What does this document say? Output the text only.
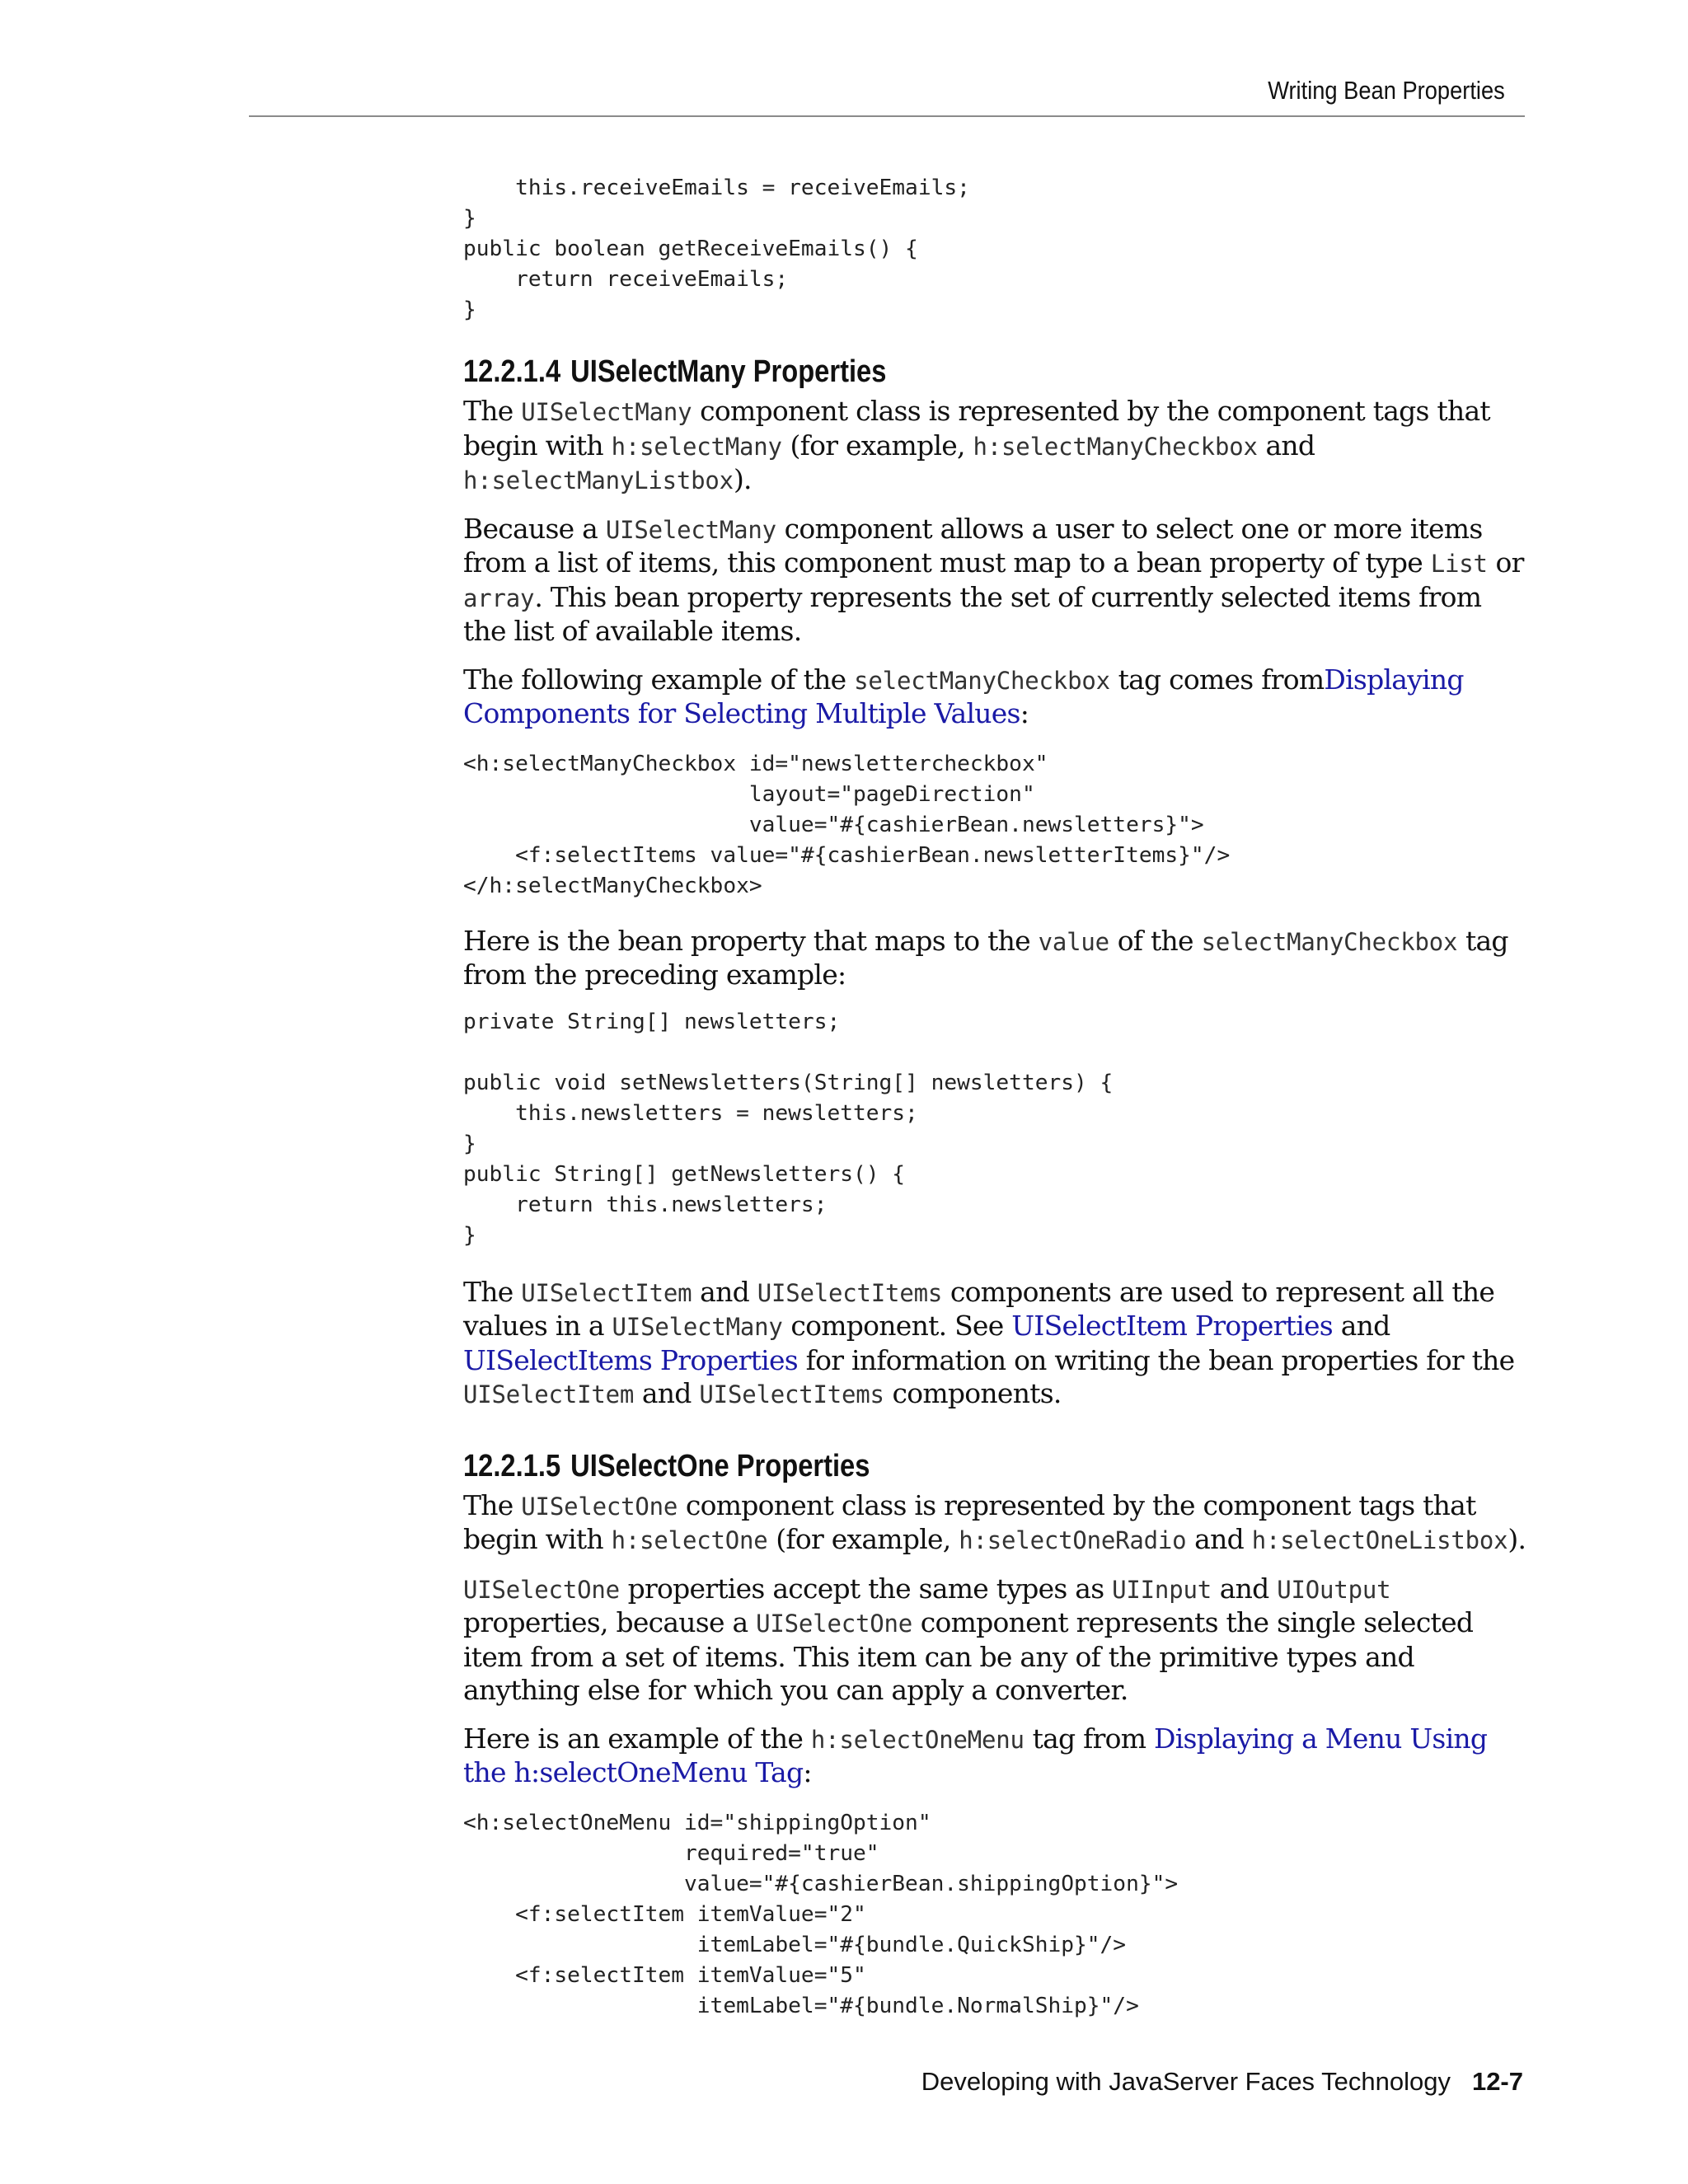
Writing Bean Properties
this.receiveEmails = receiveEmails;
}
public boolean getReceiveEmails() {
return receiveEmails;
}
12.2.1.4 UISelectMany Properties

The UISelectMany component class is represented by the component tags that begin with h:selectMany (for example, h:selectManyCheckbox and h:selectManyListbox).

Because a UISelectMany component allows a user to select one or more items from a list of items, this component must map to a bean property of type List or array. This bean property represents the set of currently selected items from the list of available items.

The following example of the selectManyCheckbox tag comes fromDisplaying Components for Selecting Multiple Values:

<h:selectManyCheckbox id="newslettercheckbox"
layout="pageDirection"
value="#{cashierBean.newsletters}">
<f:selectItems value="#{cashierBean.newsletterItems}"/>
</h:selectManyCheckbox>

Here is the bean property that maps to the value of the selectManyCheckbox tag from the preceding example:

private String[] newsletters;

public void setNewsletters(String[] newsletters) {
this.newsletters = newsletters;
}
public String[] getNewsletters() {
return this.newsletters;
}

The UISelectItem and UISelectItems components are used to represent all the values in a UISelectMany component. See UISelectItem Properties and UISelectItems Properties for information on writing the bean properties for the UISelectItem and UISelectItems components.

12.2.1.5 UISelectOne Properties

The UISelectOne component class is represented by the component tags that begin with h:selectOne (for example, h:selectOneRadio and h:selectOneListbox).

UISelectOne properties accept the same types as UIInput and UIOutput properties, because a UISelectOne component represents the single selected item from a set of items. This item can be any of the primitive types and anything else for which you can apply a converter.

Here is an example of the h:selectOneMenu tag from Displaying a Menu Using the h:selectOneMenu Tag:

<h:selectOneMenu id="shippingOption"
required="true"
value="#{cashierBean.shippingOption}">
<f:selectItem itemValue="2"
itemLabel="#{bundle.QuickShip}"/>
<f:selectItem itemValue="5"
itemLabel="#{bundle.NormalShip}"/>
Developing with JavaServer Faces Technology 12-7
